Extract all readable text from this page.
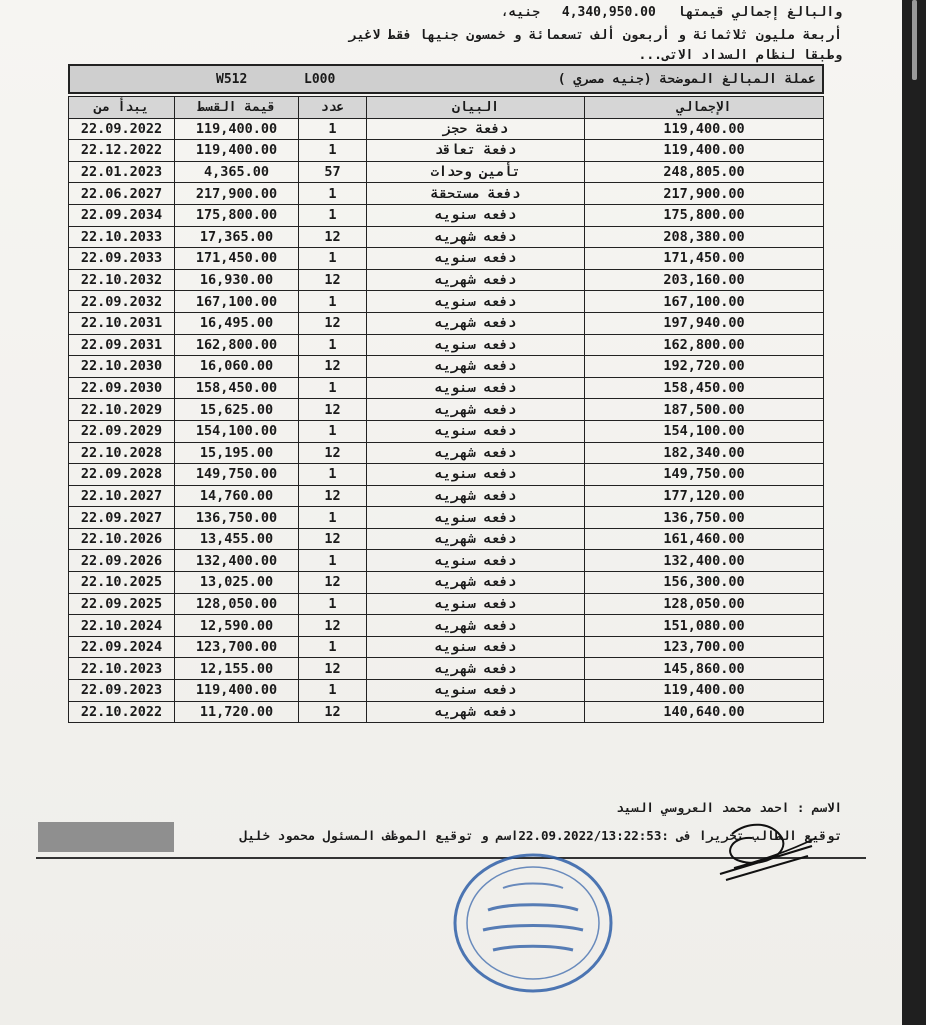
والبالغ إجمالي قيمتها 4,340,950.00 جنيه،
أربعة مليون ثلاثمائة و أربعون ألف تسعمائة و خمسون جنيها فقط لاغير
وطبقا لنظام السداد الاتى...
W512	L000	عملة المبالغ الموضحة (جنيه مصري )
يبدأ من	قيمة القسط	عدد	البيان	الإجمالي
22.09.2022	119,400.00	1	دفعة حجز	119,400.00
22.12.2022	119,400.00	1	دفعة تعاقد	119,400.00
22.01.2023	4,365.00	57	تأمين وحدات	248,805.00
22.06.2027	217,900.00	1	دفعة مستحقة	217,900.00
22.09.2034	175,800.00	1	دفعه سنويه	175,800.00
22.10.2033	17,365.00	12	دفعه شهريه	208,380.00
22.09.2033	171,450.00	1	دفعه سنويه	171,450.00
22.10.2032	16,930.00	12	دفعه شهريه	203,160.00
22.09.2032	167,100.00	1	دفعه سنويه	167,100.00
22.10.2031	16,495.00	12	دفعه شهريه	197,940.00
22.09.2031	162,800.00	1	دفعه سنويه	162,800.00
22.10.2030	16,060.00	12	دفعه شهريه	192,720.00
22.09.2030	158,450.00	1	دفعه سنويه	158,450.00
22.10.2029	15,625.00	12	دفعه شهريه	187,500.00
22.09.2029	154,100.00	1	دفعه سنويه	154,100.00
22.10.2028	15,195.00	12	دفعه شهريه	182,340.00
22.09.2028	149,750.00	1	دفعه سنويه	149,750.00
22.10.2027	14,760.00	12	دفعه شهريه	177,120.00
22.09.2027	136,750.00	1	دفعه سنويه	136,750.00
22.10.2026	13,455.00	12	دفعه شهريه	161,460.00
22.09.2026	132,400.00	1	دفعه سنويه	132,400.00
22.10.2025	13,025.00	12	دفعه شهريه	156,300.00
22.09.2025	128,050.00	1	دفعه سنويه	128,050.00
22.10.2024	12,590.00	12	دفعه شهريه	151,080.00
22.09.2024	123,700.00	1	دفعه سنويه	123,700.00
22.10.2023	12,155.00	12	دفعه شهريه	145,860.00
22.09.2023	119,400.00	1	دفعه سنويه	119,400.00
22.10.2022	11,720.00	12	دفعه شهريه	140,640.00
الاسم : احمد محمد العروسي السيد
توقيع الطالب تحريرا فى :22.09.2022/13:22:53اسم و توقيع الموظف المسئول محمود خليل
